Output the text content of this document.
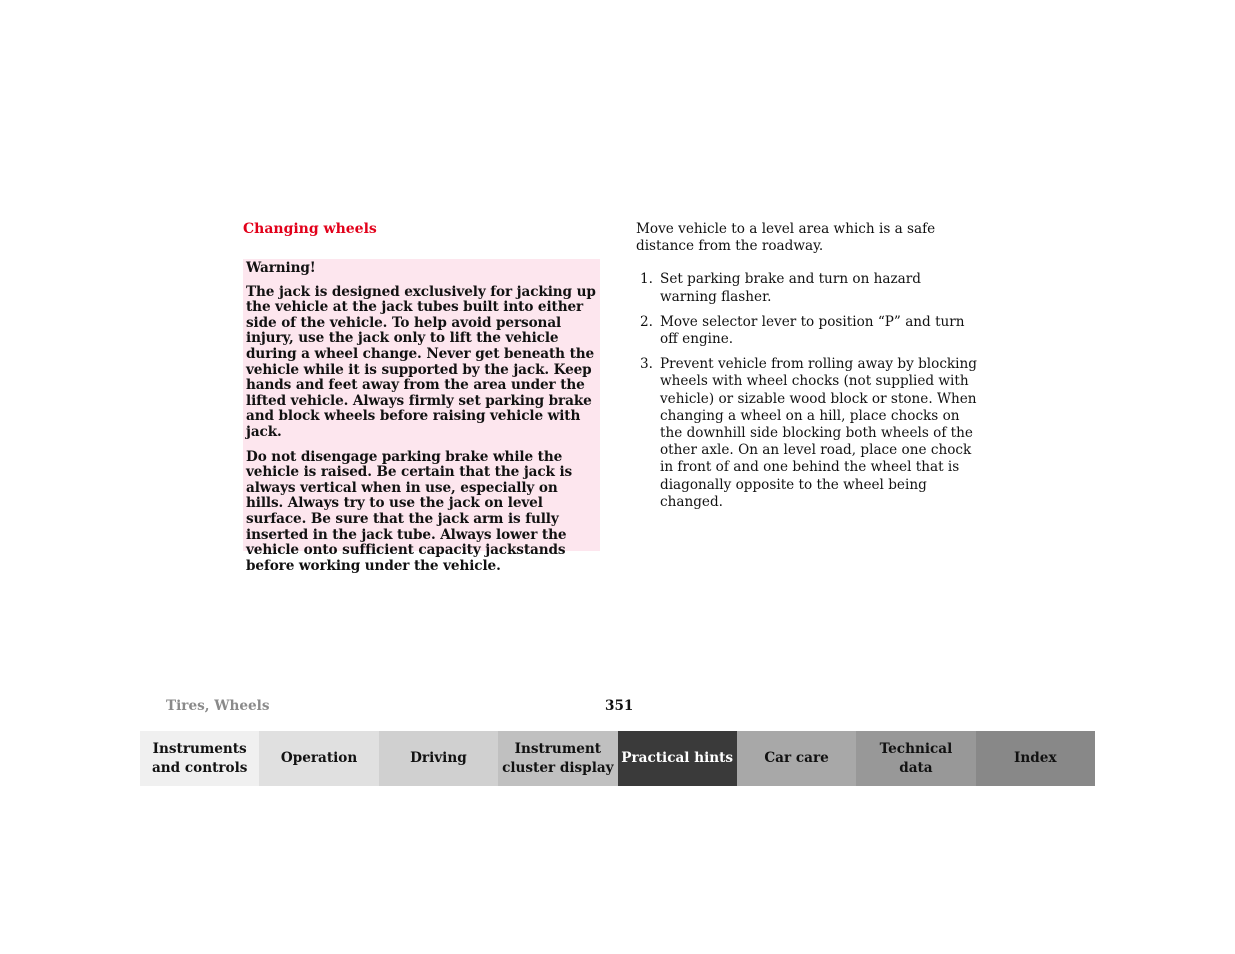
Changing wheels

Warning!

The jack is designed exclusively for jacking up the vehicle at the jack tubes built into either side of the vehicle. To help avoid personal injury, use the jack only to lift the vehicle during a wheel change. Never get beneath the vehicle while it is supported by the jack. Keep hands and feet away from the area under the lifted vehicle. Always firmly set parking brake and block wheels before raising vehicle with jack.

Do not disengage parking brake while the vehicle is raised. Be certain that the jack is always vertical when in use, especially on hills. Always try to use the jack on level surface. Be sure that the jack arm is fully inserted in the jack tube. Always lower the vehicle onto sufficient capacity jackstands before working under the vehicle.

Move vehicle to a level area which is a safe distance from the roadway.

1. Set parking brake and turn on hazard warning flasher.
2. Move selector lever to position “P” and turn off engine.
3. Prevent vehicle from rolling away by blocking wheels with wheel chocks (not supplied with vehicle) or sizable wood block or stone. When changing a wheel on a hill, place chocks on the downhill side blocking both wheels of the other axle. On an level road, place one chock in front of and one behind the wheel that is diagonally opposite to the wheel being changed.
Tires, Wheels	351
Instruments
and controls
Operation	Driving
Instrument
cluster display
Practical hints	Car care
Technical
data
Index
